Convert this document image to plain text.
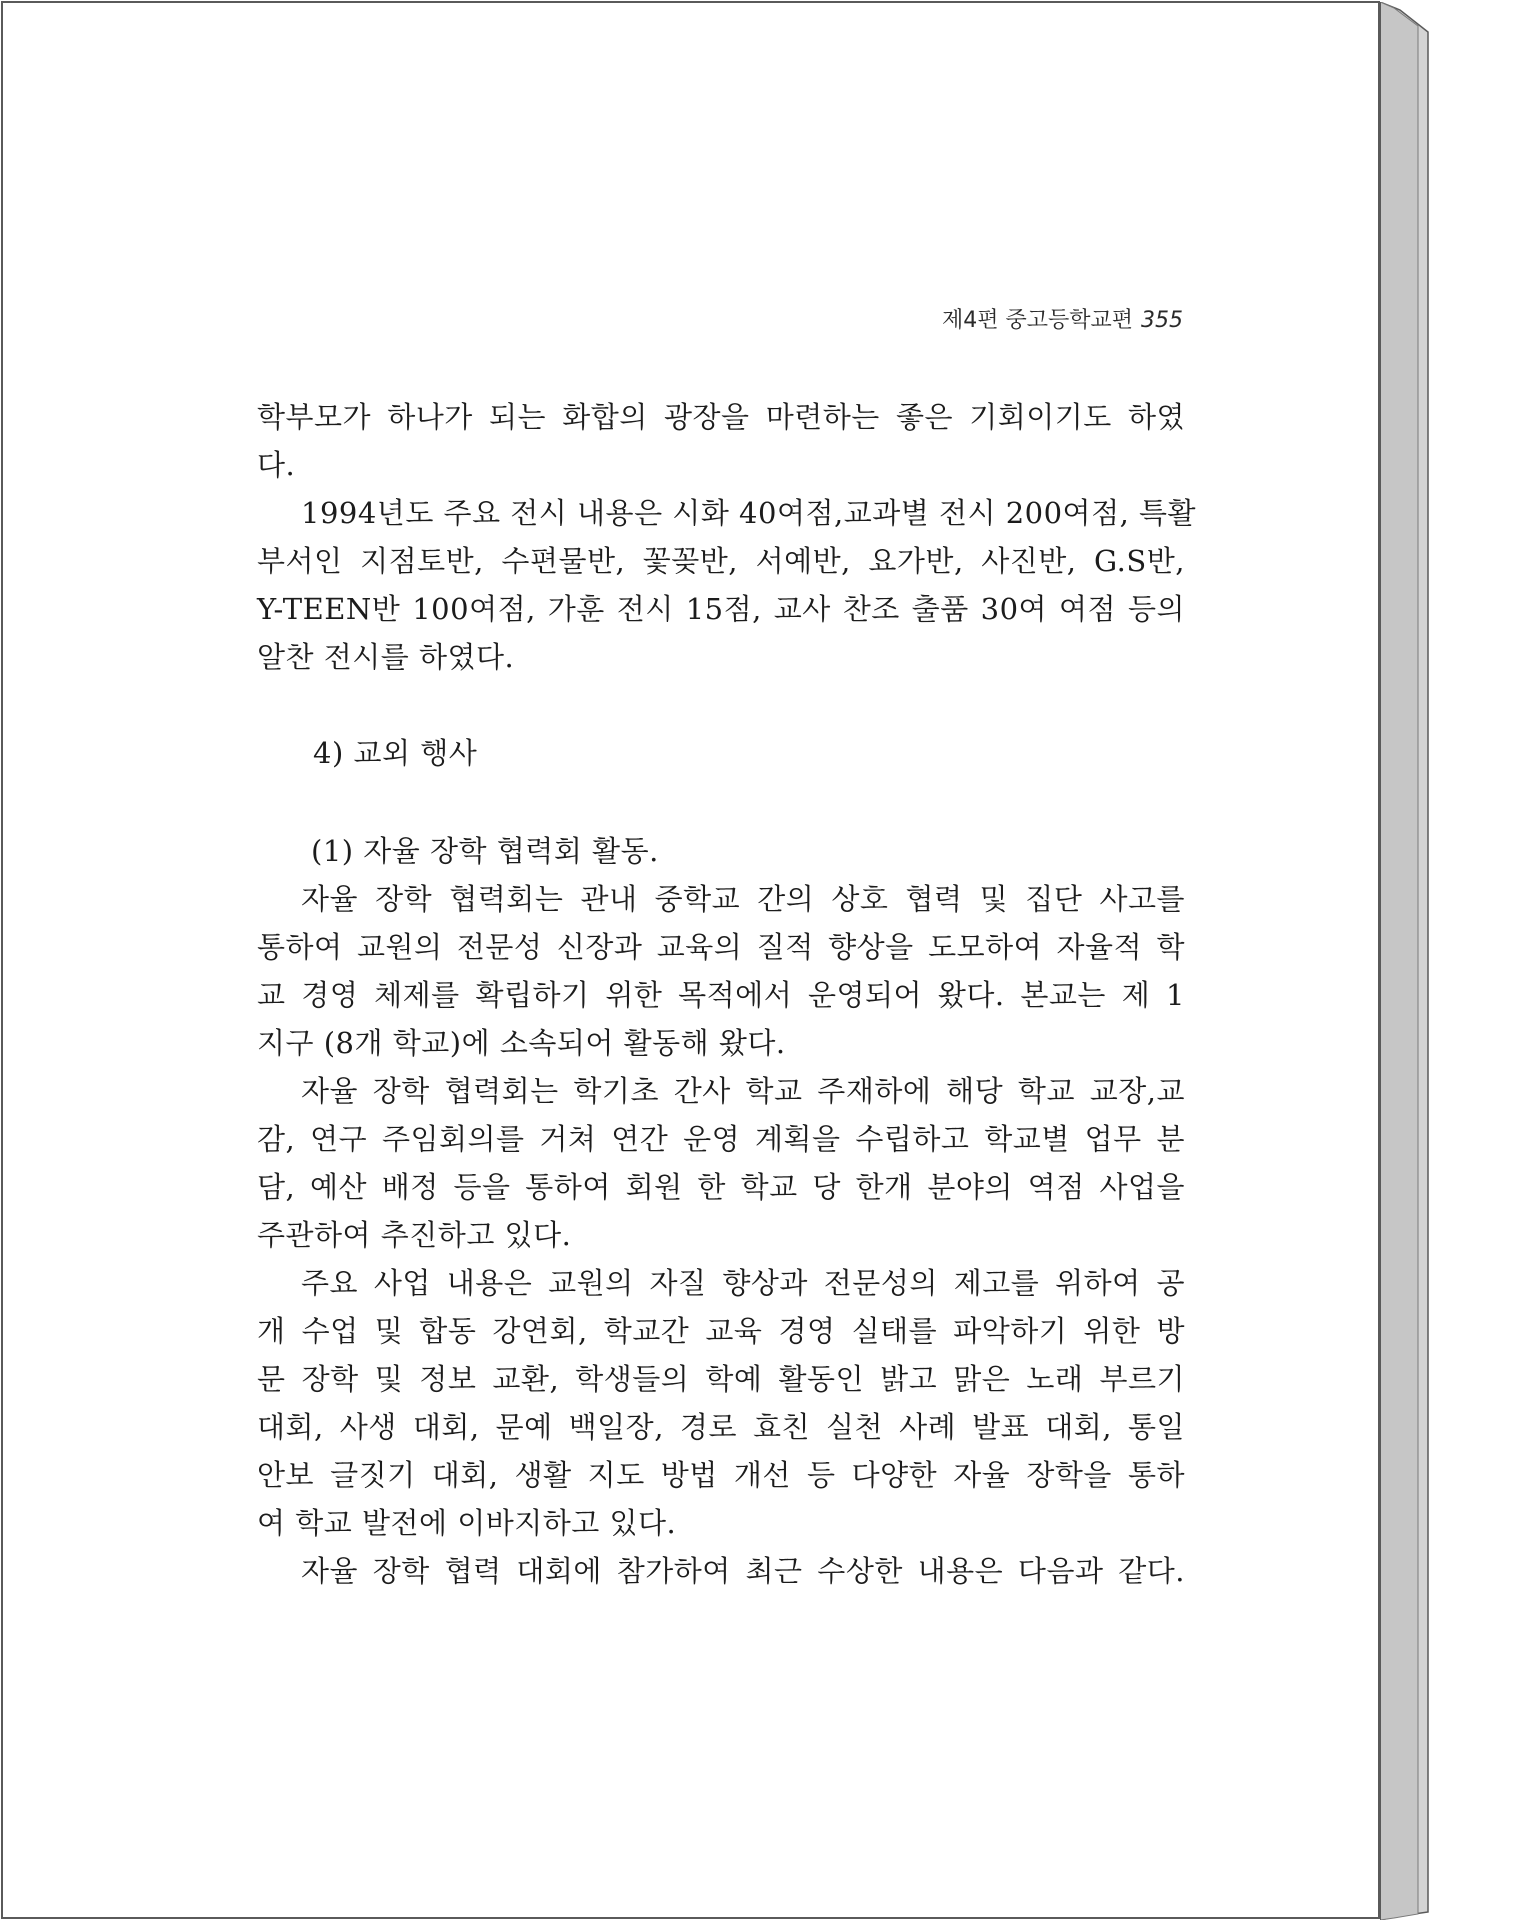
제4편 중고등학교편 355
학부모가 하나가 되는 화합의 광장을 마련하는 좋은 기회이기도 하였
다.
1994년도 주요 전시 내용은 시화 40여점,교과별 전시 200여점, 특활
부서인 지점토반, 수편물반, 꽃꽂반, 서예반, 요가반, 사진반, G.S반,
Y-TEEN반 100여점, 가훈 전시 15점, 교사 찬조 출품 30여 여점 등의
알찬 전시를 하였다.
4) 교외 행사
(1) 자율 장학 협력회 활동.
자율 장학 협력회는 관내 중학교 간의 상호 협력 및 집단 사고를
통하여 교원의 전문성 신장과 교육의 질적 향상을 도모하여 자율적 학
교 경영 체제를 확립하기 위한 목적에서 운영되어 왔다. 본교는 제 1
지구 (8개 학교)에 소속되어 활동해 왔다.
자율 장학 협력회는 학기초 간사 학교 주재하에 해당 학교 교장,교
감, 연구 주임회의를 거쳐 연간 운영 계획을 수립하고 학교별 업무 분
담, 예산 배정 등을 통하여 회원 한 학교 당 한개 분야의 역점 사업을
주관하여 추진하고 있다.
주요 사업 내용은 교원의 자질 향상과 전문성의 제고를 위하여 공
개 수업 및 합동 강연회, 학교간 교육 경영 실태를 파악하기 위한 방
문 장학 및 정보 교환, 학생들의 학예 활동인 밝고 맑은 노래 부르기
대회, 사생 대회, 문예 백일장, 경로 효친 실천 사례 발표 대회, 통일
안보 글짓기 대회, 생활 지도 방법 개선 등 다양한 자율 장학을 통하
여 학교 발전에 이바지하고 있다.
자율 장학 협력 대회에 참가하여 최근 수상한 내용은 다음과 같다.
